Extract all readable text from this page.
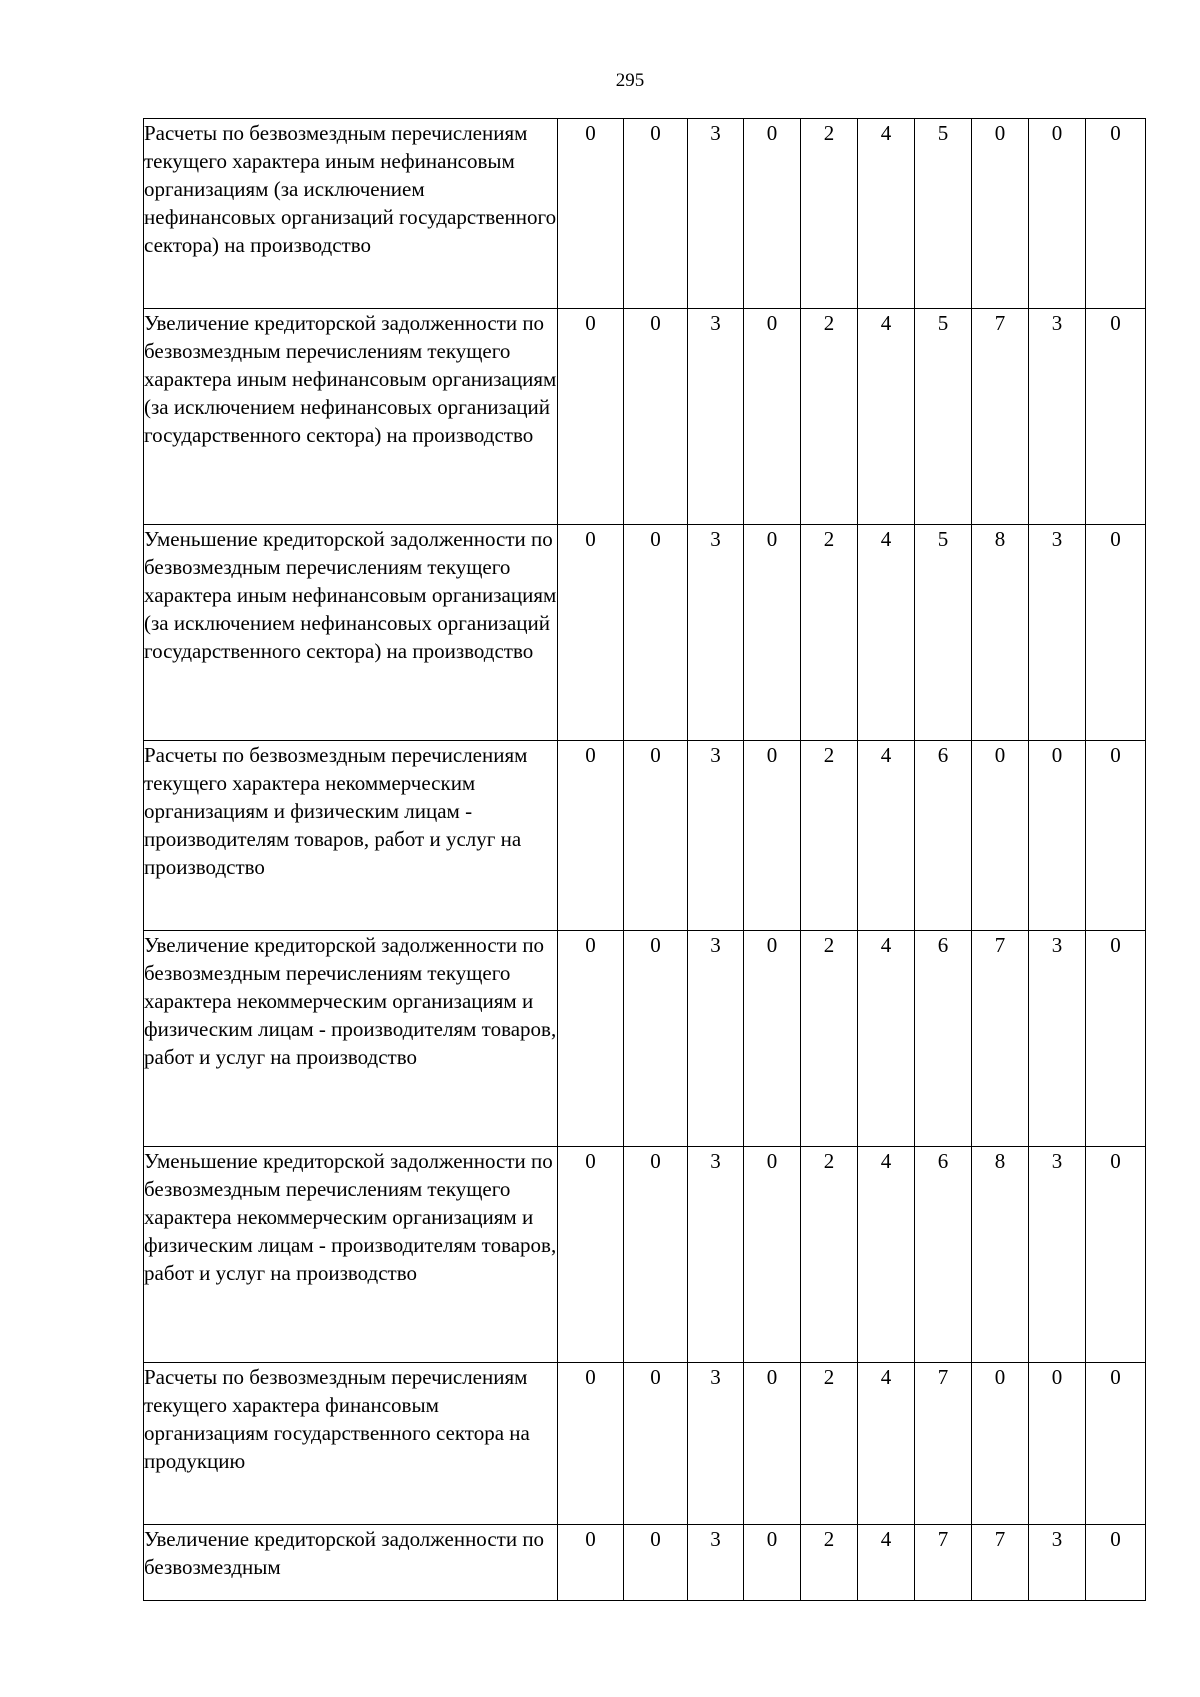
295
Расчеты по безвозмездным перечислениям текущего характера иным нефинансовым организациям (за исключением нефинансовых организаций государственного сектора) на производство	0	0	3	0	2	4	5	0	0	0
Увеличение кредиторской задолженности по безвозмездным перечислениям текущего характера иным нефинансовым организациям (за исключением нефинансовых организаций государственного сектора) на производство	0	0	3	0	2	4	5	7	3	0
Уменьшение кредиторской задолженности по безвозмездным перечислениям текущего характера иным нефинансовым организациям (за исключением нефинансовых организаций государственного сектора) на производство	0	0	3	0	2	4	5	8	3	0
Расчеты по безвозмездным перечислениям текущего характера некоммерческим организациям и физическим лицам - производителям товаров, работ и услуг на производство	0	0	3	0	2	4	6	0	0	0
Увеличение кредиторской задолженности по безвозмездным перечислениям текущего характера некоммерческим организациям и физическим лицам - производителям товаров, работ и услуг на производство	0	0	3	0	2	4	6	7	3	0
Уменьшение кредиторской задолженности по безвозмездным перечислениям текущего характера некоммерческим организациям и физическим лицам - производителям товаров, работ и услуг на производство	0	0	3	0	2	4	6	8	3	0
Расчеты по безвозмездным перечислениям текущего характера финансовым организациям государственного сектора на продукцию	0	0	3	0	2	4	7	0	0	0
Увеличение кредиторской задолженности по безвозмездным	0	0	3	0	2	4	7	7	3	0
